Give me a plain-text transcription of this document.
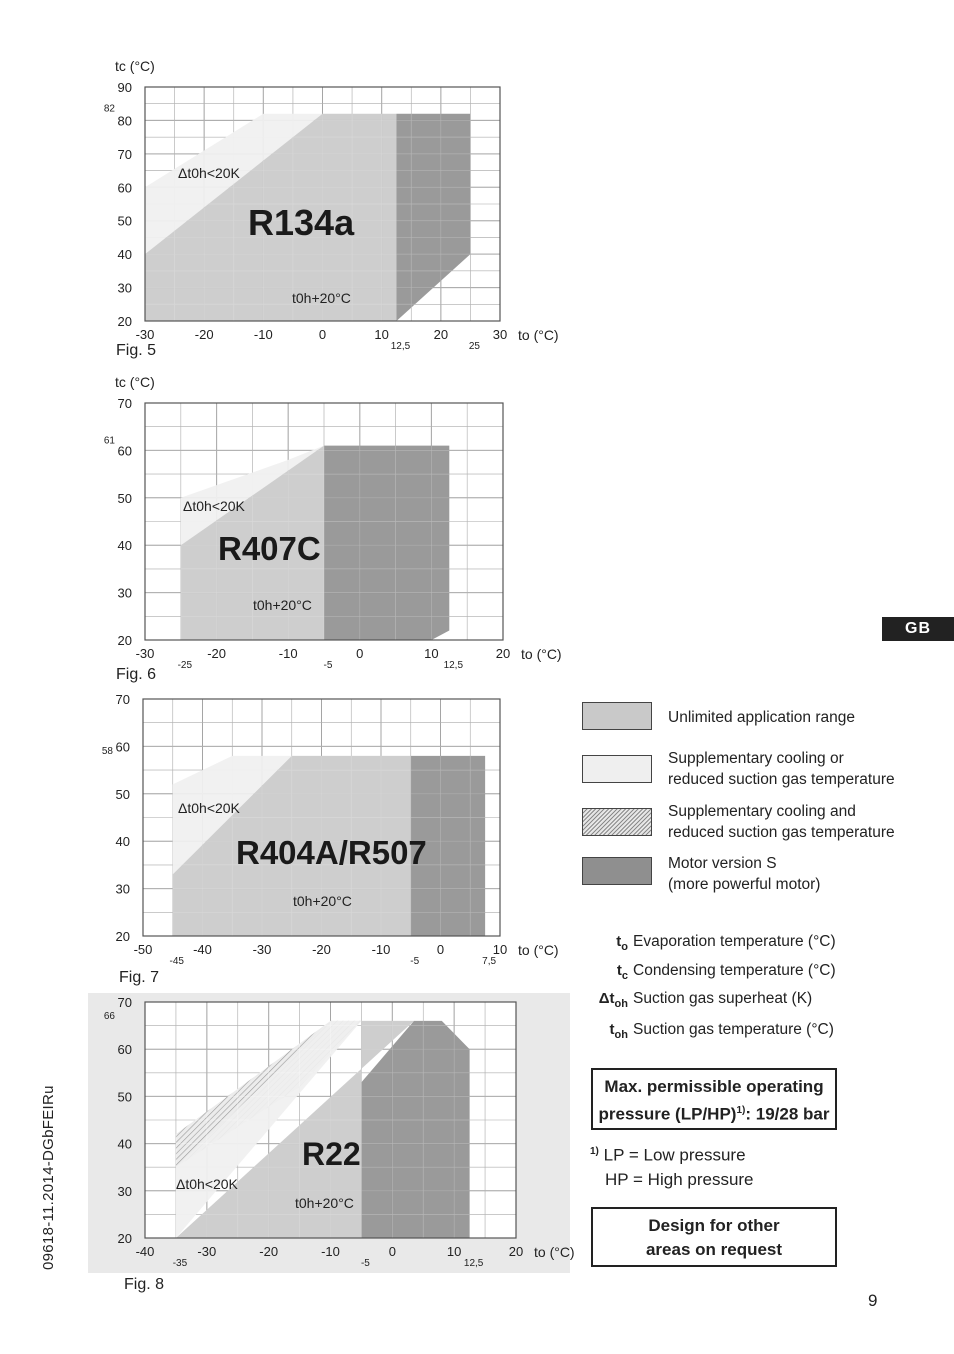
20
30
40
50
60
70
80
90
82
-30	-20	-10	0	10	20	30
12,5	25
tc (°C)
to (°C)
R134a
Δt0h<20K
t0h+20°C
Fig. 5
20
30
40
50
60
70
61
-30	-20	-10	0	10	20
-25	-5	12,5
tc (°C)
to (°C)
R407C
Δt0h<20K
t0h+20°C
Fig. 6
20
30
40
50
60
70
58
-50	-40	-30	-20	-10	0	10
-45	-5	7,5
to (°C)
R404A/R507
Δt0h<20K
t0h+20°C
Fig. 7
20
30
40
50
60
70
66
-40	-30	-20	-10	0	10	20
-35	-5	12,5
to (°C)
R22
Δt0h<20K
t0h+20°C
Fig. 8
GB
Unlimited application range
Supplementary cooling or
reduced suction gas temperature
Supplementary cooling and
reduced suction gas temperature
Motor version S
(more powerful motor)
$t_o$ Evaporation temperature (°C)
$t_c$ Condensing temperature (°C)
$\Delta t_{oh}$ Suction gas superheat (K)
$t_{oh}$ Suction gas temperature (°C)
Max. permissible operating
pressure $(LP/HP)^{1)}$: 19/28 bar
$^{1)}$ LP = Low pressure
HP = High pressure
Design for other
areas on request
09618-11.2014-DGbFEIRu
9
